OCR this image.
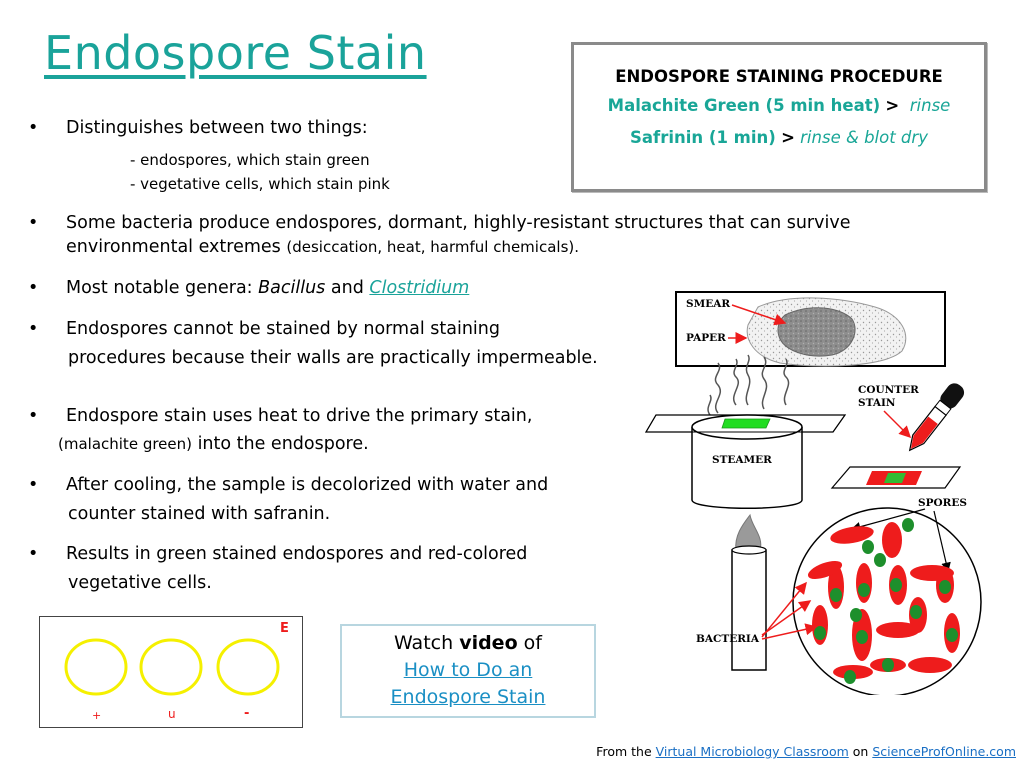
Endospore Stain
• Distinguishes between two things:
- endospores, which stain green
- vegetative cells, which stain pink
• Some bacteria produce endospores, dormant, highly-resistant structures that can survive
environmental extremes (desiccation, heat, harmful chemicals).
• Most notable genera: Bacillus and Clostridium
• Endospores cannot be stained by normal staining
procedures because their walls are practically impermeable.
• Endospore stain uses heat to drive the primary stain,
(malachite green) into the endospore.
• After cooling, the sample is decolorized with water and
counter stained with safranin.
• Results in green stained endospores and red-colored
vegetative cells.
ENDOSPORE STAINING PROCEDURE
Malachite Green (5 min heat) > rinse
Safrinin (1 min) > rinse & blot dry
SMEAR
PAPER
STEAMER
COUNTER
STAIN
SPORES
BACTERIA
E
+	u	-
Watch video of
How to Do an
Endospore Stain
From the Virtual Microbiology Classroom on ScienceProfOnline.com
